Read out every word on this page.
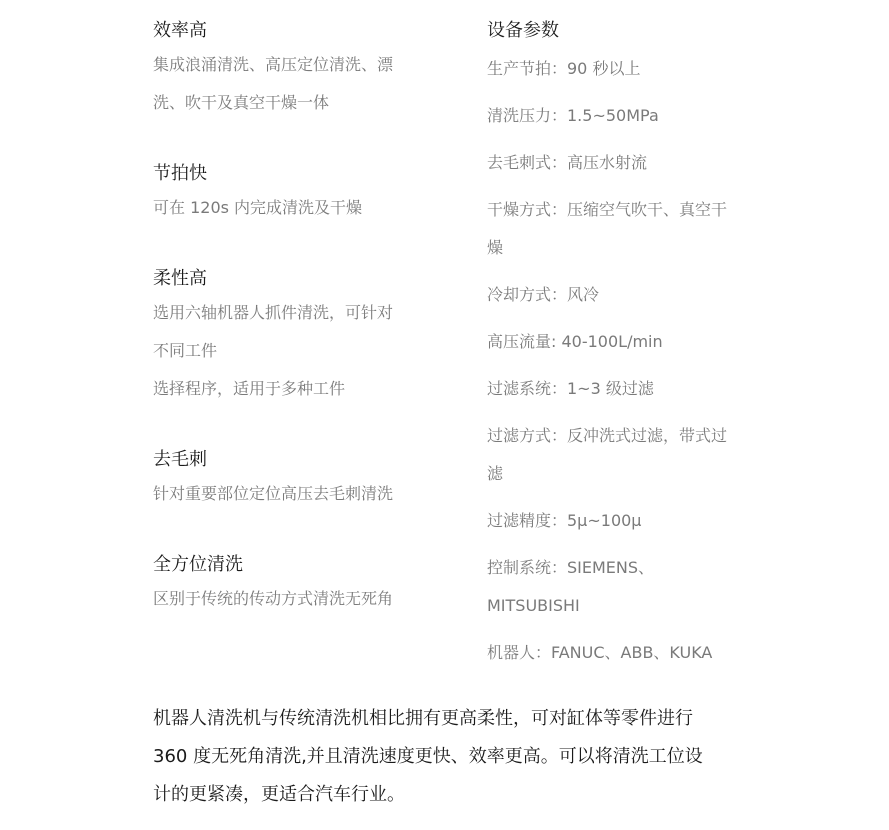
效率高

集成浪涌清洗、高压定位清洗、漂

洗、吹干及真空干燥一体

节拍快

可在 120s 内完成清洗及干燥

柔性高

选用六轴机器人抓件清洗，可针对

不同工件

选择程序，适用于多种工件

去毛刺

针对重要部位定位高压去毛刺清洗

全方位清洗

区别于传统的传动方式清洗无死角

设备参数

生产节拍：90 秒以上
清洗压力：1.5~50MPa
去毛刺式：高压水射流
干燥方式：压缩空气吹干、真空干
燥
冷却方式：风冷
高压流量: 40-100L/min
过滤系统：1~3 级过滤
过滤方式：反冲洗式过滤，带式过
滤
过滤精度：5μ~100μ
控制系统：SIEMENS、
MITSUBISHI
机器人：FANUC、ABB、KUKA
机器人清洗机与传统清洗机相比拥有更高柔性，可对缸体等零件进行
360 度无死角清洗,并且清洗速度更快、效率更高。可以将清洗工位设
计的更紧凑，更适合汽车行业。
